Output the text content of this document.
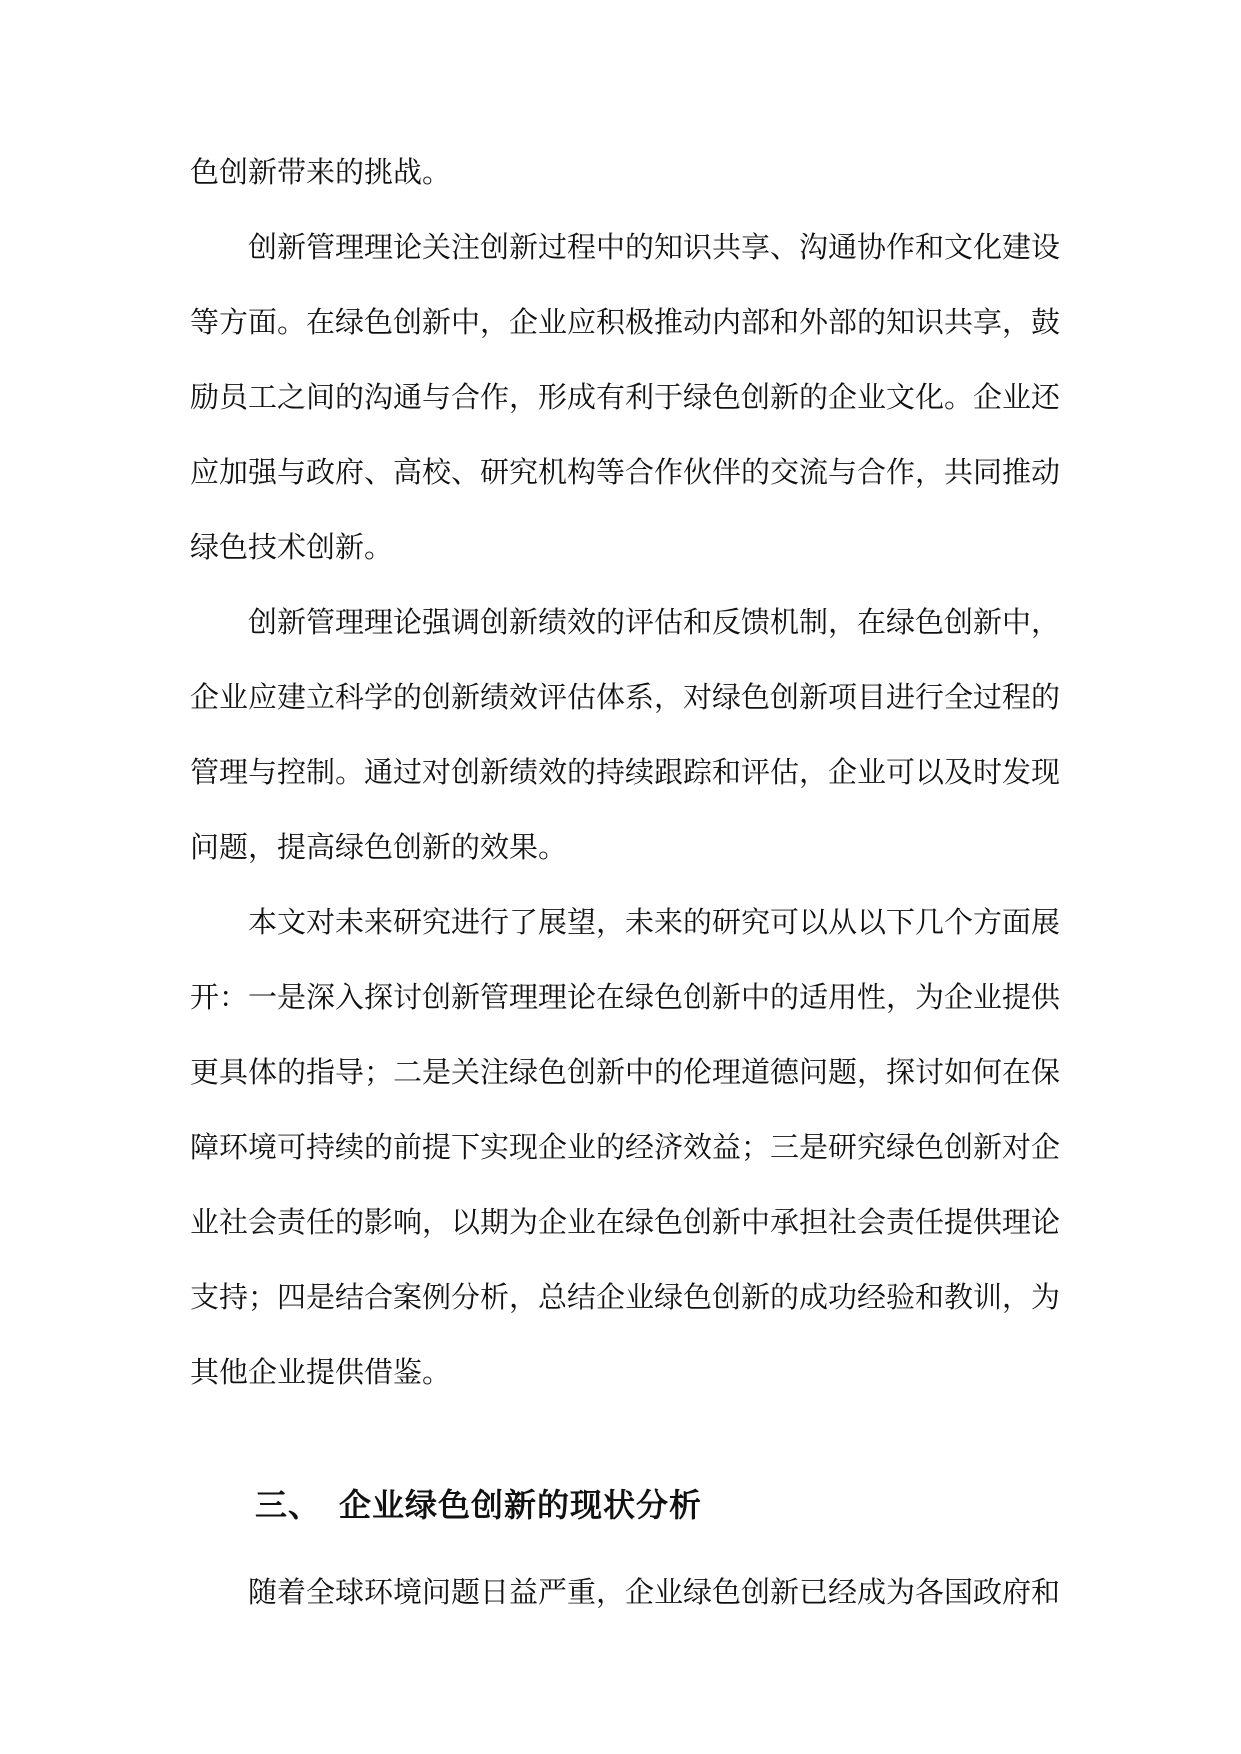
色创新带来的挑战。

创新管理理论关注创新过程中的知识共享、沟通协作和文化建设等方面。在绿色创新中，企业应积极推动内部和外部的知识共享，鼓励员工之间的沟通与合作，形成有利于绿色创新的企业文化。企业还应加强与政府、高校、研究机构等合作伙伴的交流与合作，共同推动绿色技术创新。

创新管理理论强调创新绩效的评估和反馈机制，在绿色创新中，企业应建立科学的创新绩效评估体系，对绿色创新项目进行全过程的管理与控制。通过对创新绩效的持续跟踪和评估，企业可以及时发现问题，提高绿色创新的效果。

本文对未来研究进行了展望，未来的研究可以从以下几个方面展开：一是深入探讨创新管理理论在绿色创新中的适用性，为企业提供更具体的指导；二是关注绿色创新中的伦理道德问题，探讨如何在保障环境可持续的前提下实现企业的经济效益；三是研究绿色创新对企业社会责任的影响，以期为企业在绿色创新中承担社会责任提供理论支持；四是结合案例分析，总结企业绿色创新的成功经验和教训，为其他企业提供借鉴。

三、 企业绿色创新的现状分析

随着全球环境问题日益严重，企业绿色创新已经成为各国政府和
